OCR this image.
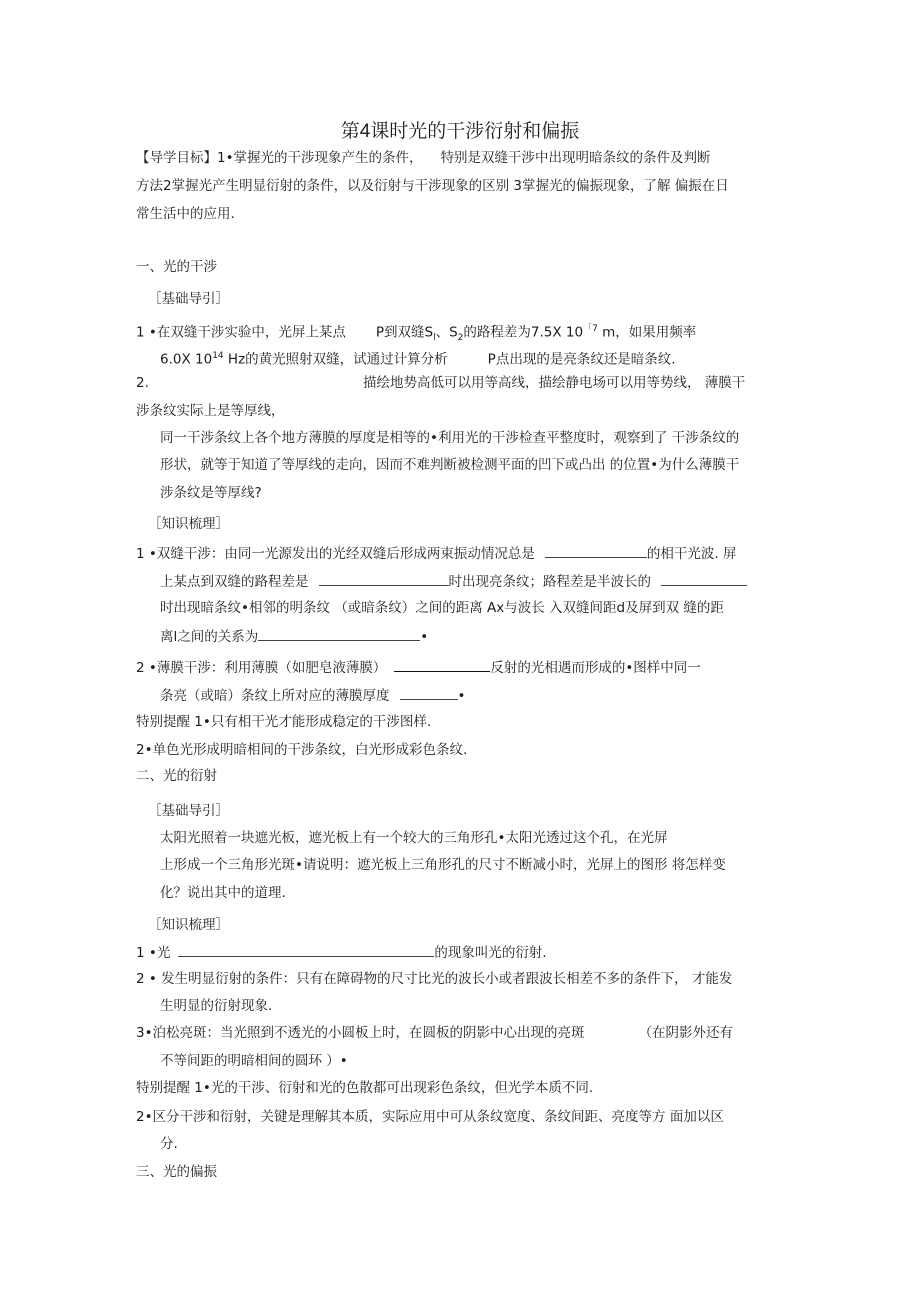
第4课时光的干涉衍射和偏振
【导学目标】1•掌握光的干涉现象产生的条件， 特别是双缝干涉中出现明暗条纹的条件及判断
方法2掌握光产生明显衍射的条件，以及衍射与干涉现象的区别 3掌握光的偏振现象，了解 偏振在日
常生活中的应用.
一、光的干涉
［基础导引］
1 •在双缝干涉实验中，光屏上某点 P到双缝$S_l$、$S_2$的路程差为7.5X $10^{「7}$ m，如果用频率
6.0X $10^{14}$ Hz的黄光照射双缝，试通过计算分析	P点出现的是亮条纹还是暗条纹.
2.	描绘地势高低可以用等高线，描绘静电场可以用等势线， 薄膜干
涉条纹实际上是等厚线，
同一干涉条纹上各个地方薄膜的厚度是相等的•利用光的干涉检查平整度时，观察到了 干涉条纹的
形状，就等于知道了等厚线的走向，因而不难判断被检测平面的凹下或凸出 的位置•为什么薄膜干
涉条纹是等厚线?
［知识梳理］
1 •双缝干涉：由同一光源发出的光经双缝后形成两束振动情况总是	的相干光波. 屏
上某点到双缝的路程差是	时出现亮条纹；路程差是半波长的
时出现暗条纹•相邻的明条纹 （或暗条纹）之间的距离 Ax与波长 入双缝间距d及屏到双 缝的距
离l之间的关系为	•
2 •薄膜干涉：利用薄膜（如肥皂液薄膜）	反射的光相遇而形成的•图样中同一
条亮（或暗）条纹上所对应的薄膜厚度	•
特别提醒 1•只有相干光才能形成稳定的干涉图样.
2•单色光形成明暗相间的干涉条纹，白光形成彩色条纹.
二、光的衍射
［基础导引］
太阳光照着一块遮光板，遮光板上有一个较大的三角形孔•太阳光透过这个孔，在光屏
上形成一个三角形光斑•请说明：遮光板上三角形孔的尺寸不断减小时，光屏上的图形 将怎样变
化？说出其中的道理.
［知识梳理］
1 •光	的现象叫光的衍射.
2 • 发生明显衍射的条件：只有在障碍物的尺寸比光的波长小或者跟波长相差不多的条件下， 才能发
生明显的衍射现象.
3•泊松亮斑：当光照到不透光的小圆板上时，在圆板的阴影中心出现的亮斑	（在阴影外还有
不等间距的明暗相间的圆环 ）•
特别提醒 1•光的干涉、衍射和光的色散都可出现彩色条纹，但光学本质不同.
2•区分干涉和衍射，关键是理解其本质，实际应用中可从条纹宽度、条纹间距、亮度等方 面加以区
分.
三、光的偏振
